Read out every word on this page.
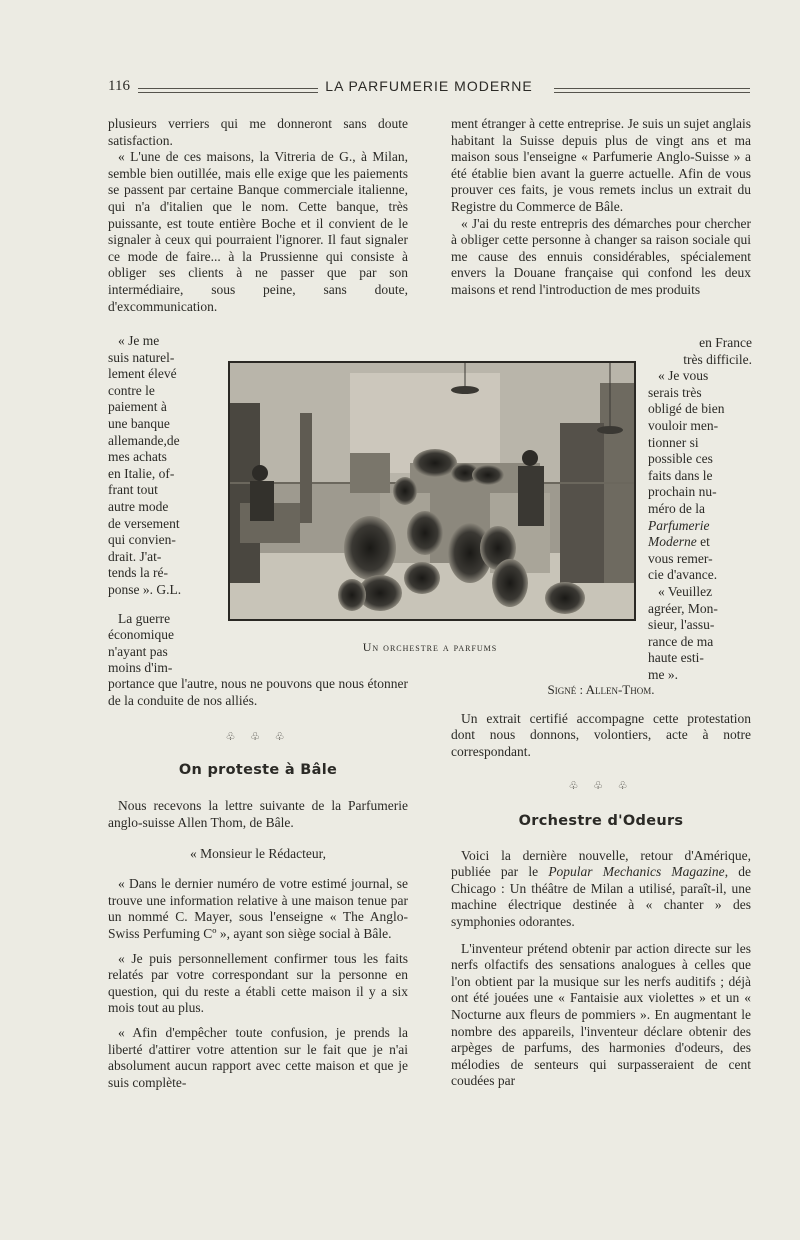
116	LA PARFUMERIE MODERNE

plusieurs verriers qui me donneront sans doute satisfaction.

« L'une de ces maisons, la Vitreria de G., à Milan, semble bien outillée, mais elle exige que les paiements se passent par certaine Banque commerciale italienne, qui n'a d'italien que le nom. Cette banque, très puissante, est toute entière Boche et il convient de le signaler à ceux qui pourraient l'ignorer. Il faut signaler ce mode de faire... à la Prussienne qui consiste à obliger ses clients à ne passer que par son intermédiaire, sous peine, sans doute, d'excommunication.

« Je me

suis naturel-

lement élevé

contre le

paiement à

une banque

allemande,de

mes achats

en Italie, of-

frant tout

autre mode

de versement

qui convien-

drait. J'at-

tends la ré-

ponse ». G.L.

La guerre

économique

n'ayant pas

moins d'im-

portance que l'autre, nous ne pouvons que nous étonner de la conduite de nos alliés.

♧ ♧ ♧
On proteste à Bâle

Nous recevons la lettre suivante de la Parfumerie anglo-suisse Allen Thom, de Bâle.

« Monsieur le Rédacteur,

« Dans le dernier numéro de votre estimé journal, se trouve une information relative à une maison tenue par un nommé C. Mayer, sous l'enseigne « The Anglo- Swiss Perfuming Cº », ayant son siège social à Bâle.

« Je puis personnellement confirmer tous les faits relatés par votre correspondant sur la personne en question, qui du reste a établi cette maison il y a six mois tout au plus.

« Afin d'empêcher toute confusion, je prends la liberté d'attirer votre attention sur le fait que je n'ai absolument aucun rapport avec cette maison et que je suis complète-

ment étranger à cette entreprise. Je suis un sujet anglais habitant la Suisse depuis plus de vingt ans et ma maison sous l'enseigne « Parfumerie Anglo-Suisse » a été établie bien avant la guerre actuelle. Afin de vous prouver ces faits, je vous remets inclus un extrait du Registre du Commerce de Bâle.

« J'ai du reste entrepris des démarches pour chercher à obliger cette personne à changer sa raison sociale qui me cause des ennuis considérables, spécialement envers la Douane française qui confond les deux maisons et rend l'introduction de mes produits

en France

très difficile.

« Je vous

serais très

obligé de bien

vouloir men-

tionner si

possible ces

faits dans le

prochain nu-

méro de la

Parfumerie

Moderne et

vous remer-

cie d'avance.

« Veuillez

agréer, Mon-

sieur, l'assu-

rance de ma

haute esti-

me ».

Signé : Allen-Thom.

Un extrait certifié accompagne cette protestation dont nous donnons, volontiers, acte à notre correspondant.

♧ ♧ ♧
Orchestre d'Odeurs

Voici la dernière nouvelle, retour d'Amérique, publiée par le Popular Mechanics Magazine, de Chicago : Un théâtre de Milan a utilisé, paraît-il, une machine électrique destinée à « chanter » des symphonies odorantes.

L'inventeur prétend obtenir par action directe sur les nerfs olfactifs des sensations analogues à celles que l'on obtient par la musique sur les nerfs auditifs ; déjà ont été jouées une « Fantaisie aux violettes » et un « Nocturne aux fleurs de pommiers ». En augmentant le nombre des appareils, l'inventeur déclare obtenir des arpèges de parfums, des harmonies d'odeurs, des mélodies de senteurs qui surpasseraient de cent coudées par

Un orchestre a parfums
